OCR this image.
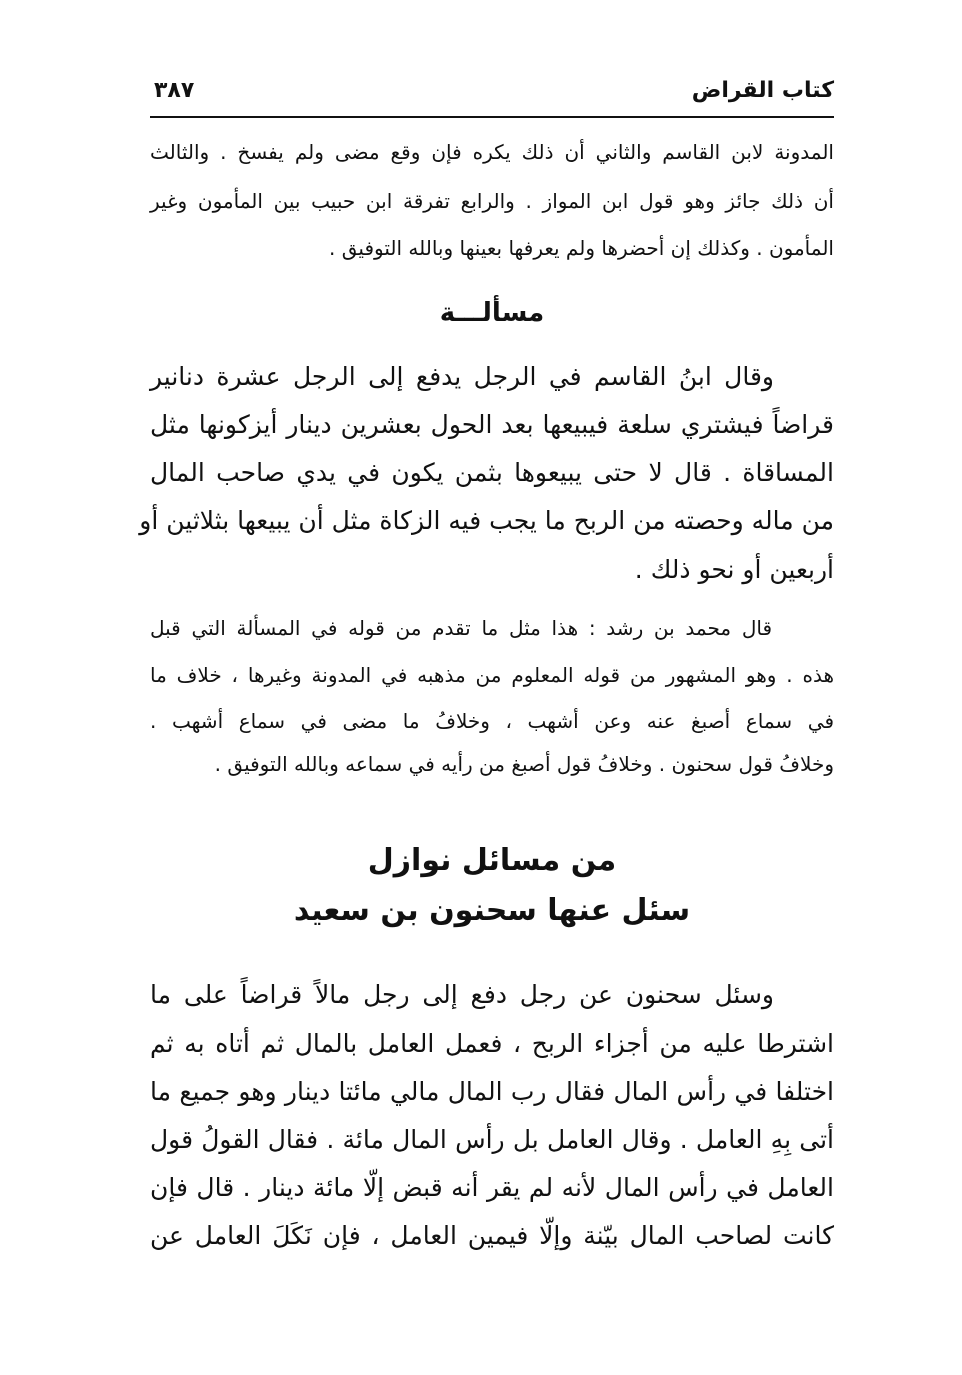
كتاب القراض
٣٨٧
المدونة لابن القاسم والثاني أن ذلك يكره فإن وقع مضى ولم يفسخ . والثالث
أن ذلك جائز وهو قول ابن المواز . والرابع تفرقة ابن حبيب بين المأمون وغير
المأمون . وكذلك إن أحضرها ولم يعرفها بعينها وبالله التوفيق .
مسألـــة
وقال ابنُ القاسم في الرجل يدفع إلى الرجل عشرة دنانير
قراضاً فيشتري سلعة فيبيعها بعد الحول بعشرين دينار أيزكونها مثل
المساقاة . قال لا حتى يبيعوها بثمن يكون في يدي صاحب المال
من ماله وحصته من الربح ما يجب فيه الزكاة مثل أن يبيعها بثلاثين أو
أربعين أو نحو ذلك .
قال محمد بن رشد : هذا مثل ما تقدم من قوله في المسألة التي قبل
هذه . وهو المشهور من قوله المعلوم من مذهبه في المدونة وغيرها ، خلاف ما
في سماع أصبغ عنه وعن أشهب ، وخلافُ ما مضى في سماع أشهب .
وخلافُ قول سحنون . وخلافُ قول أصبغ من رأيه في سماعه وبالله التوفيق .
من مسائل نوازل
سئل عنها سحنون بن سعيد
وسئل سحنون عن رجل دفع إلى رجل مالاً قراضاً على ما
اشترطا عليه من أجزاء الربح ، فعمل العامل بالمال ثم أتاه به ثم
اختلفا في رأس المال فقال رب المال مالي مائتا دينار وهو جميع ما
أتى بِهِ العامل . وقال العامل بل رأس المال مائة . فقال القولُ قول
العامل في رأس المال لأنه لم يقر أنه قبض إلّا مائة دينار . قال فإن
كانت لصاحب المال بيّنة وإلّا فيمين العامل ، فإن نَكَلَ العامل عن
